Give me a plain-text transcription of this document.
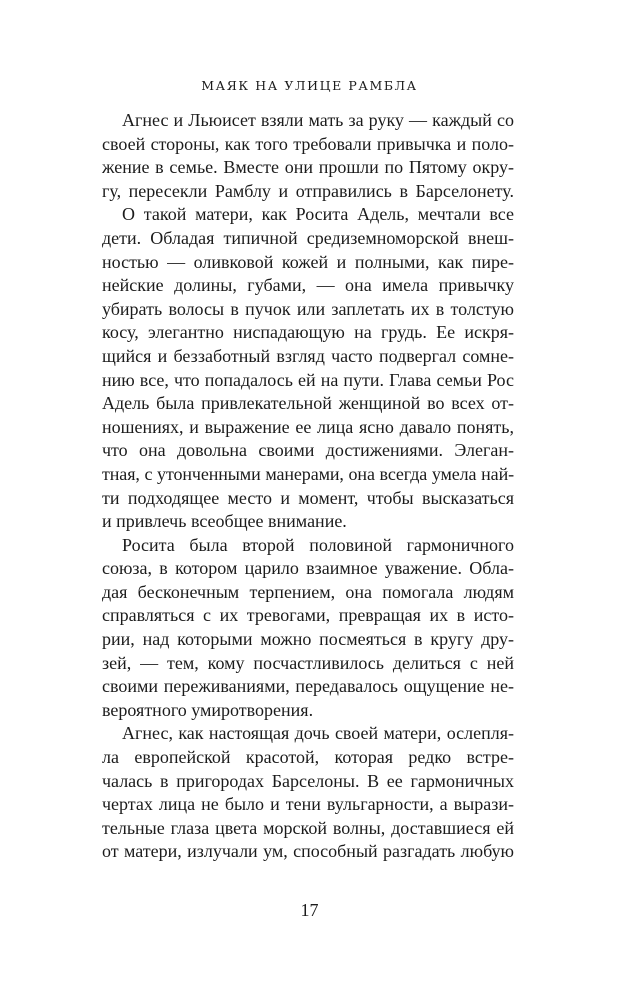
МАЯК НА УЛИЦЕ РАМБЛА
Агнес и Льюисет взяли мать за руку — каждый со
своей стороны, как того требовали привычка и поло-
жение в семье. Вместе они прошли по Пятому окру-
гу, пересекли Рамблу и отправились в Барселонету.
О такой матери, как Росита Адель, мечтали все
дети. Обладая типичной средиземноморской внеш-
ностью — оливковой кожей и полными, как пире-
нейские долины, губами, — она имела привычку
убирать волосы в пучок или заплетать их в толстую
косу, элегантно ниспадающую на грудь. Ее искря-
щийся и беззаботный взгляд часто подвергал сомне-
нию все, что попадалось ей на пути. Глава семьи Рос
Адель была привлекательной женщиной во всех от-
ношениях, и выражение ее лица ясно давало понять,
что она довольна своими достижениями. Элеган-
тная, с утонченными манерами, она всегда умела най-
ти подходящее место и момент, чтобы высказаться
и привлечь всеобщее внимание.
Росита была второй половиной гармоничного
союза, в котором царило взаимное уважение. Обла-
дая бесконечным терпением, она помогала людям
справляться с их тревогами, превращая их в исто-
рии, над которыми можно посмеяться в кругу дру-
зей, — тем, кому посчастливилось делиться с ней
своими переживаниями, передавалось ощущение не-
вероятного умиротворения.
Агнес, как настоящая дочь своей матери, ослепля-
ла европейской красотой, которая редко встре-
чалась в пригородах Барселоны. В ее гармоничных
чертах лица не было и тени вульгарности, а вырази-
тельные глаза цвета морской волны, доставшиеся ей
от матери, излучали ум, способный разгадать любую
17
